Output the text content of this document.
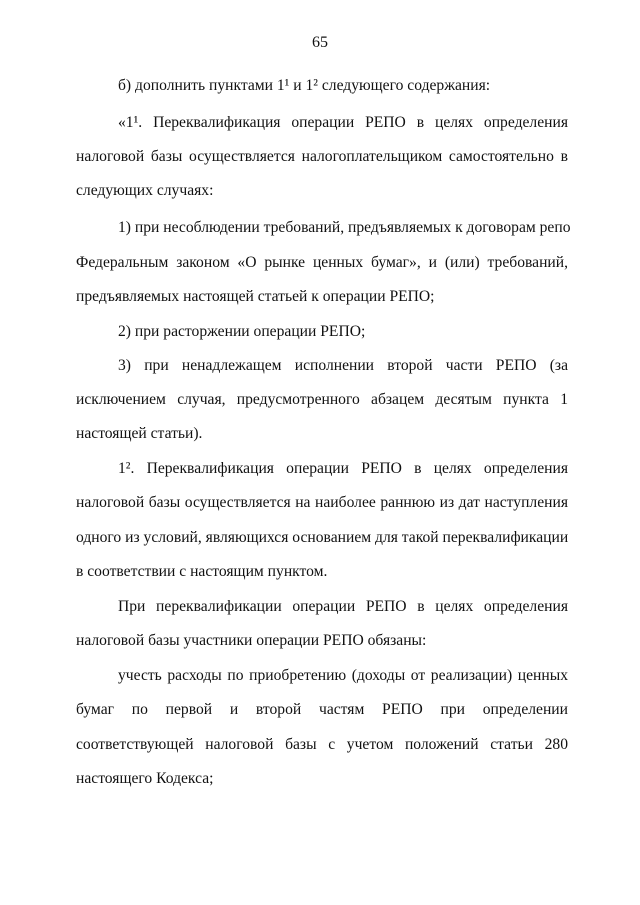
65
б) дополнить пунктами 1¹ и 1² следующего содержания:
«1¹. Переквалификация операции РЕПО в целях определения
налоговой базы осуществляется налогоплательщиком самостоятельно в
следующих случаях:
1) при несоблюдении требований, предъявляемых к договорам репо
Федеральным законом «О рынке ценных бумаг», и (или) требований,
предъявляемых настоящей статьей к операции РЕПО;
2) при расторжении операции РЕПО;
3) при ненадлежащем исполнении второй части РЕПО (за
исключением случая, предусмотренного абзацем десятым пункта 1
настоящей статьи).
1². Переквалификация операции РЕПО в целях определения
налоговой базы осуществляется на наиболее раннюю из дат наступления
одного из условий, являющихся основанием для такой переквалификации
в соответствии с настоящим пунктом.
При переквалификации операции РЕПО в целях определения
налоговой базы участники операции РЕПО обязаны:
учесть расходы по приобретению (доходы от реализации) ценных
бумаг по первой и второй частям РЕПО при определении
соответствующей налоговой базы с учетом положений статьи 280
настоящего Кодекса;
